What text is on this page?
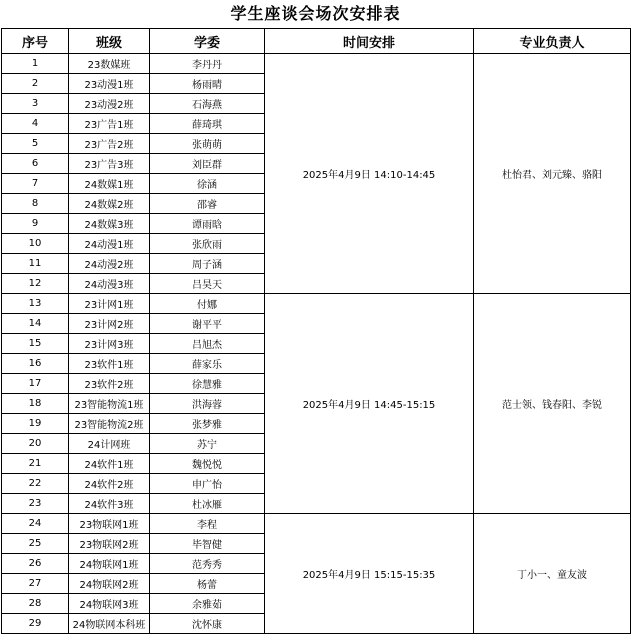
学生座谈会场次安排表
序号	班级	学委	时间安排	专业负责人
1	23数媒班	李丹丹	2025年4月9日 14:10-14:45	杜怡君、刘元臻、骆阳
2	23动漫1班	杨雨晴		
3	23动漫2班	石海燕		
4	23广告1班	薛琦琪		
5	23广告2班	张萌萌		
6	23广告3班	刘臣群		
7	24数媒1班	徐涵		
8	24数媒2班	邵睿		
9	24数媒3班	谭雨晗		
10	24动漫1班	张欣雨		
11	24动漫2班	周子涵		
12	24动漫3班	吕昊天		
13	23计网1班	付娜	2025年4月9日 14:45-15:15	范士领、钱春阳、李锐
14	23计网2班	谢平平		
15	23计网3班	吕旭杰		
16	23软件1班	薛家乐		
17	23软件2班	徐慧雅		
18	23智能物流1班	洪海蓉		
19	23智能物流2班	张梦雅		
20	24计网班	苏宁		
21	24软件1班	魏悦悦		
22	24软件2班	申广怡		
23	24软件3班	杜冰雁		
24	23物联网1班	李程	2025年4月9日 15:15-15:35	丁小一、童友波
25	23物联网2班	毕智健		
26	24物联网1班	范秀秀		
27	24物联网2班	杨蕾		
28	24物联网3班	余雅茹		
29	24物联网本科班	沈怀康		
